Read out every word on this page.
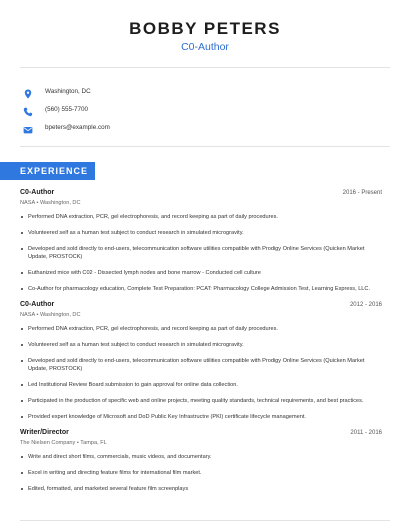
BOBBY PETERS
C0-Author
Washington, DC
(560) 555-7700
bpeters@example.com
EXPERIENCE
C0-Author	2016 - Present
NASA • Washington, DC
Performed DNA extraction, PCR, gel electrophoresis, and record keeping as part of daily procedures.
Volunteered self as a human test subject to conduct research in simulated microgravity.
Developed and sold directly to end-users, telecommunication software utilities compatible with Prodigy Online Services (Quicken Market Update, PROSTOCK)
Euthanized mice with C02 - Dissected lymph nodes and bone marrow - Conducted cell culture
Co-Author for pharmacology education, Complete Test Preparation: PCAT: Pharmacology College Admission Test, Learning Express, LLC.
C0-Author	2012 - 2016
NASA • Washington, DC
Performed DNA extraction, PCR, gel electrophoresis, and record keeping as part of daily procedures.
Volunteered self as a human test subject to conduct research in simulated microgravity.
Developed and sold directly to end-users, telecommunication software utilities compatible with Prodigy Online Services (Quicken Market Update, PROSTOCK)
Led Institutional Review Board submission to gain approval for online data collection.
Participated in the production of specific web and online projects, meeting quality standards, technical requirements, and best practices.
Provided expert knowledge of Microsoft and DoD Public Key Infrastructre (PKI) certificate lifecycle management.
Writer/Director	2011 - 2016
The Nielsen Company • Tampa, FL
Write and direct short films, commercials, music videos, and documentary.
Excel in writing and directing feature films for international film market.
Edited, formatted, and marketed several feature film screenplays
